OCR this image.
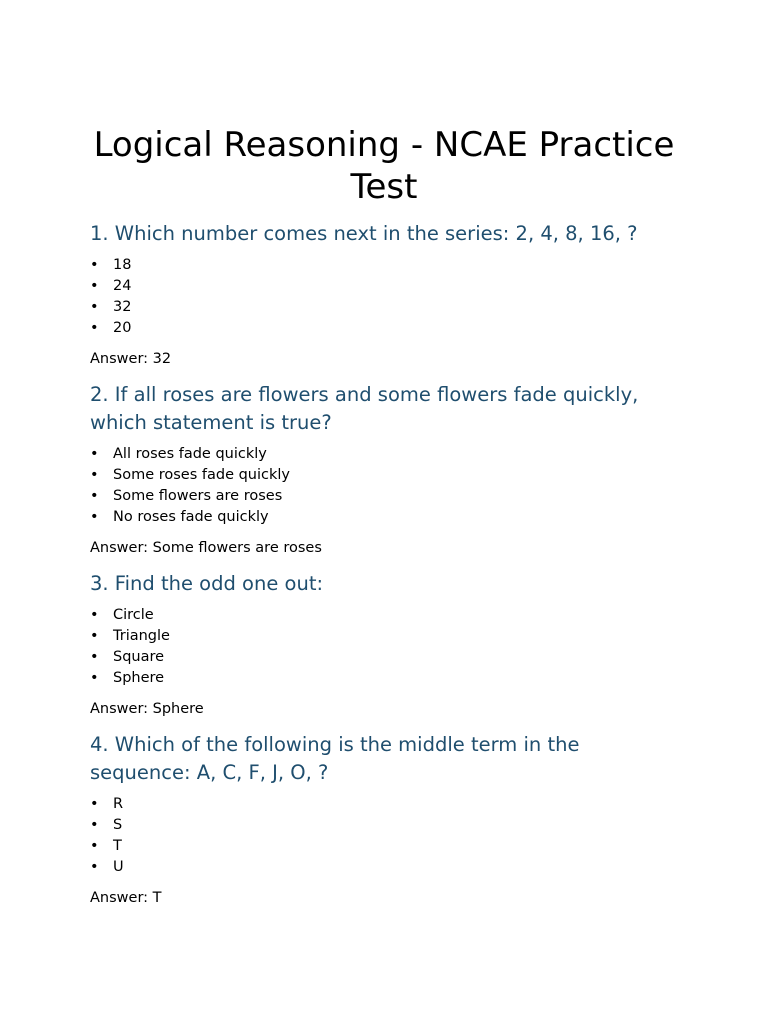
Logical Reasoning - NCAE Practice Test
1. Which number comes next in the series: 2, 4, 8, 16, ?
• 18
• 24
• 32
• 20

Answer: 32

2. If all roses are flowers and some flowers fade quickly, which statement is true?
• All roses fade quickly
• Some roses fade quickly
• Some flowers are roses
• No roses fade quickly

Answer: Some flowers are roses

3. Find the odd one out:
• Circle
• Triangle
• Square
• Sphere

Answer: Sphere

4. Which of the following is the middle term in the sequence: A, C, F, J, O, ?
• R
• S
• T
• U

Answer: T
